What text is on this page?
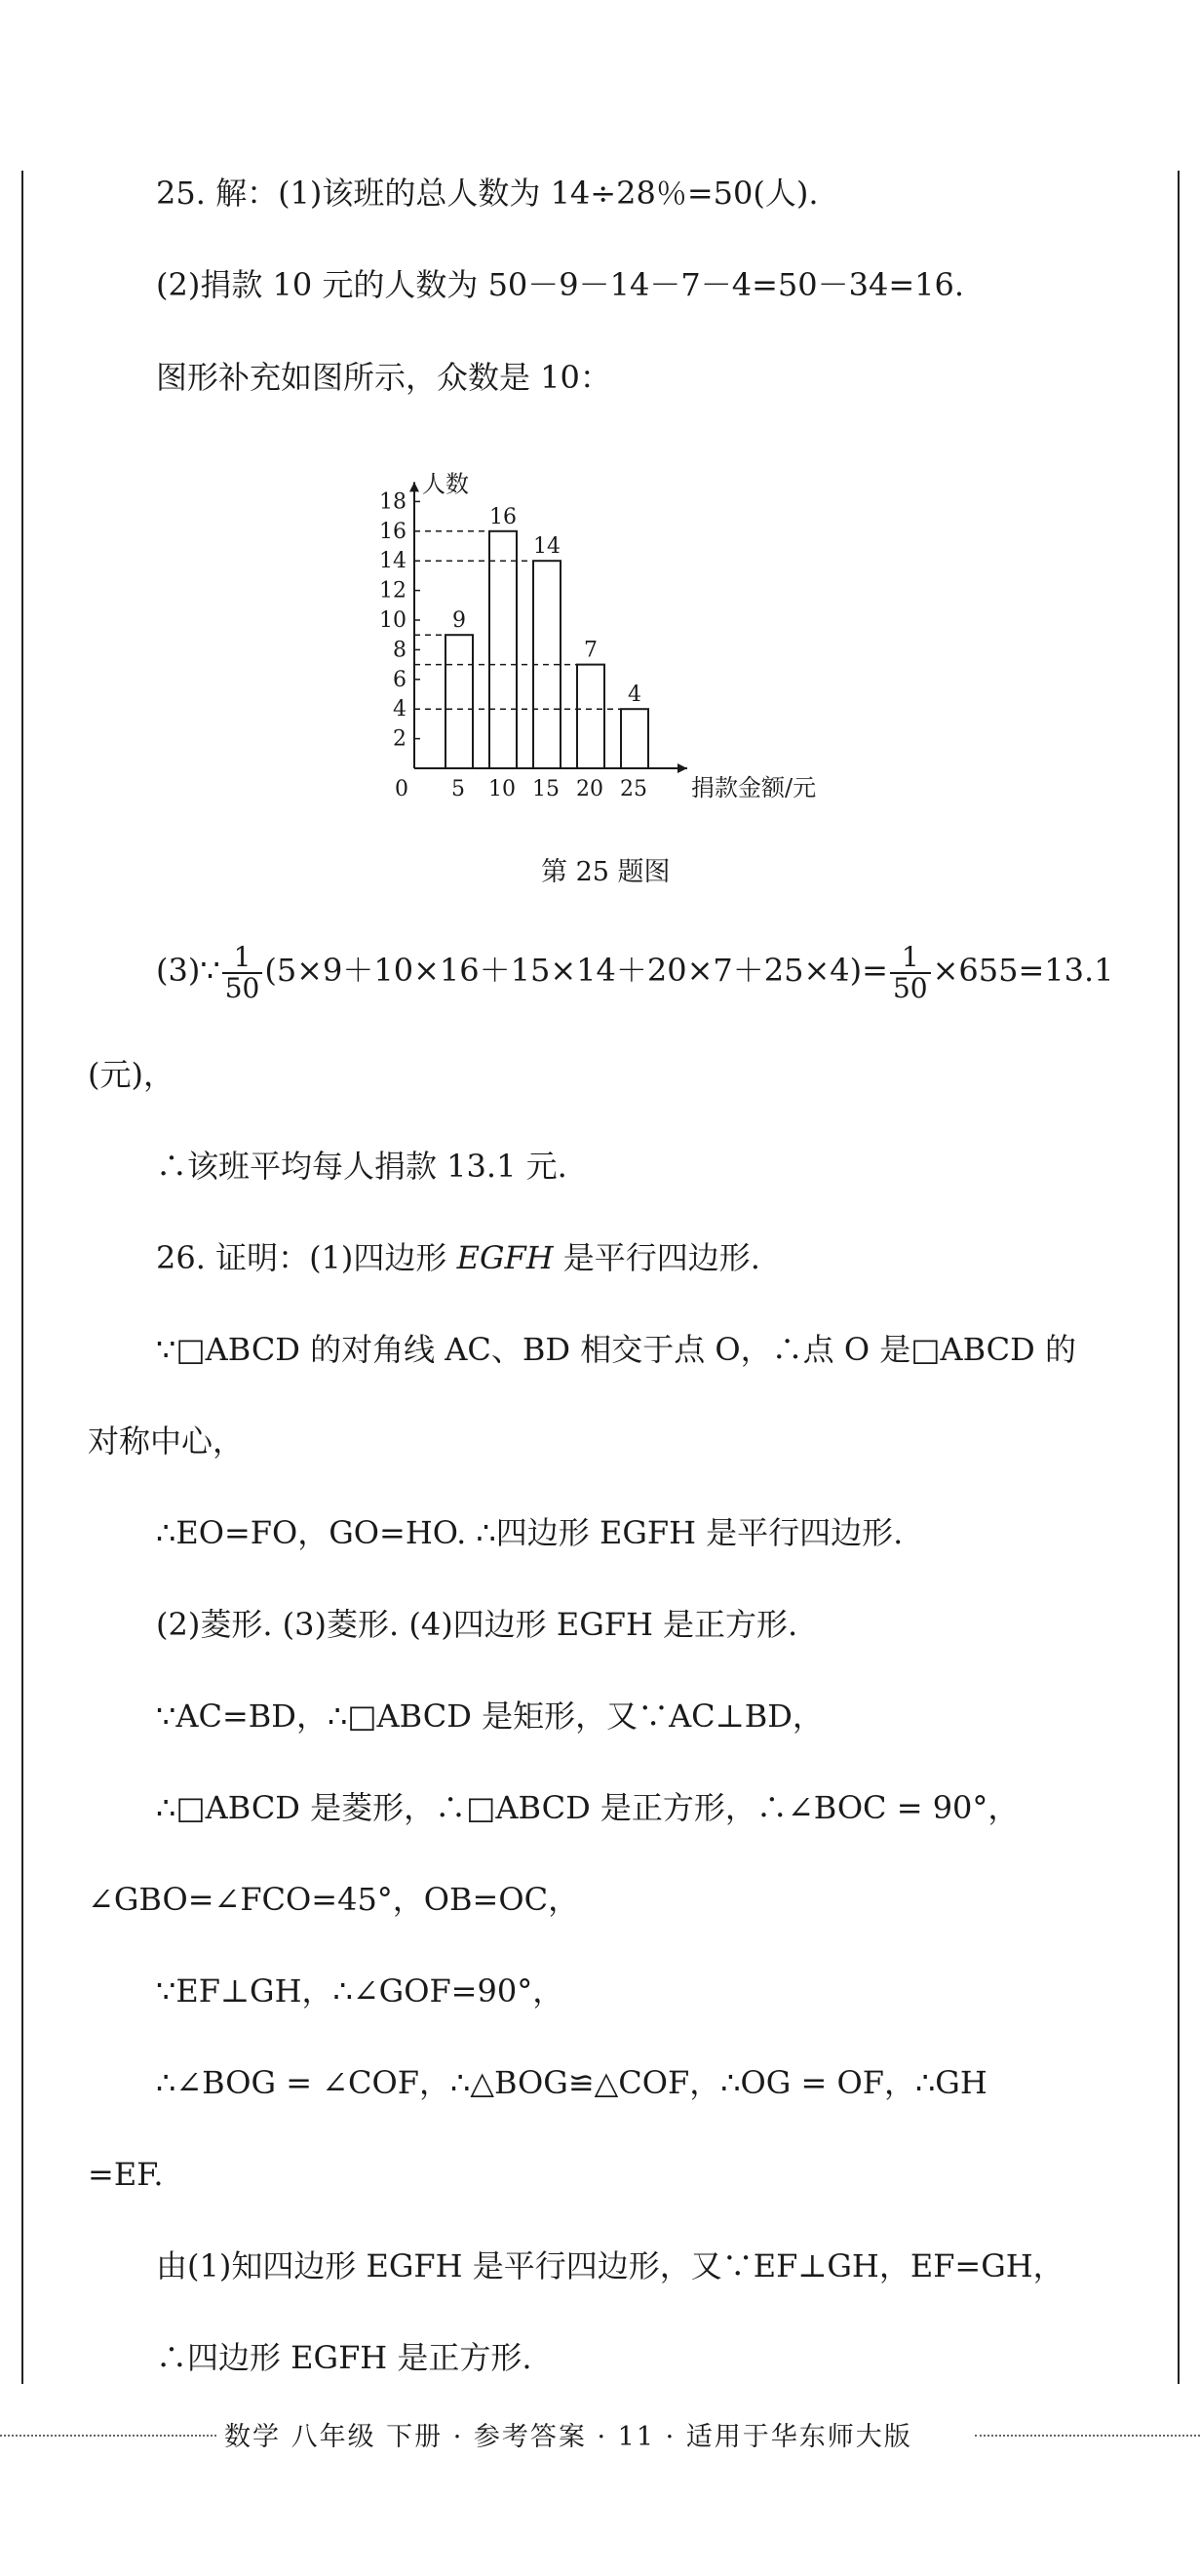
25. 解：(1)该班的总人数为 14÷28％=50(人).
(2)捐款 10 元的人数为 50－9－14－7－4=50－34=16.
图形补充如图所示，众数是 10：
人数
捐款金额/元
0
2
4
6
8
10
12
14
16
18
9
5
16
10
14
15
7
20
4
25
第 25 题图
(3)∵ $\frac{1}{50} (5\times 9+10\times 16+15\times 14+20\times 7+25\times 4)= \frac{1}{50} \times 655=13.1$
(元)，
∴该班平均每人捐款 13.1 元.
26. 证明：(1)四边形 EGFH 是平行四边形.
∵□ABCD 的对角线 AC、BD 相交于点 O，∴点 O 是□ABCD 的
对称中心，
∴EO=FO，GO=HO. ∴四边形 EGFH 是平行四边形.
(2)菱形. (3)菱形. (4)四边形 EGFH 是正方形.
∵AC=BD，∴□ABCD 是矩形，又∵AC⊥BD，
∴□ABCD 是菱形，∴□ABCD 是正方形，∴∠BOC = 90°，
∠GBO=∠FCO=45°，OB=OC，
∵EF⊥GH，∴∠GOF=90°，
∴∠BOG = ∠COF，∴△BOG≌△COF，∴OG = OF，∴GH
=EF.
由(1)知四边形 EGFH 是平行四边形，又∵EF⊥GH，EF=GH，
∴四边形 EGFH 是正方形.
数学 八年级 下册 · 参考答案 · 11 · 适用于华东师大版
